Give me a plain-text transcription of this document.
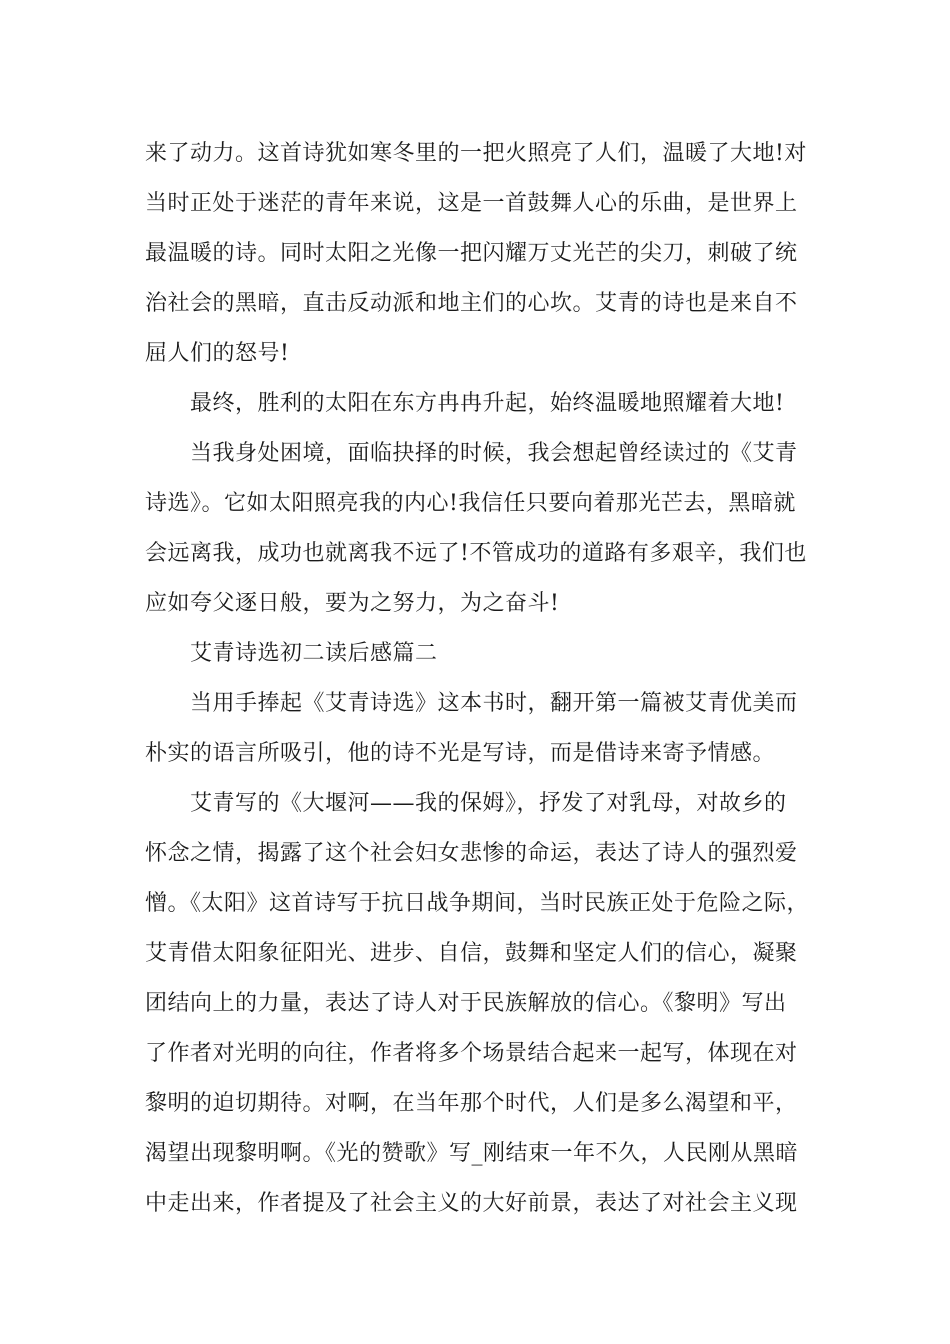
来了动力。这首诗犹如寒冬里的一把火照亮了人们，温暖了大地!对
当时正处于迷茫的青年来说，这是一首鼓舞人心的乐曲，是世界上
最温暖的诗。同时太阳之光像一把闪耀万丈光芒的尖刀，刺破了统
治社会的黑暗，直击反动派和地主们的心坎。艾青的诗也是来自不
屈人们的怒号!
最终，胜利的太阳在东方冉冉升起，始终温暖地照耀着大地!
当我身处困境，面临抉择的时候，我会想起曾经读过的《艾青
诗选》。它如太阳照亮我的内心!我信任只要向着那光芒去，黑暗就
会远离我，成功也就离我不远了!不管成功的道路有多艰辛，我们也
应如夸父逐日般，要为之努力，为之奋斗!
艾青诗选初二读后感篇二
当用手捧起《艾青诗选》这本书时，翻开第一篇被艾青优美而
朴实的语言所吸引，他的诗不光是写诗，而是借诗来寄予情感。
艾青写的《大堰河——我的保姆》，抒发了对乳母，对故乡的
怀念之情，揭露了这个社会妇女悲惨的命运，表达了诗人的强烈爱
憎。《太阳》这首诗写于抗日战争期间，当时民族正处于危险之际，
艾青借太阳象征阳光、进步、自信，鼓舞和坚定人们的信心，凝聚
团结向上的力量，表达了诗人对于民族解放的信心。《黎明》写出
了作者对光明的向往，作者将多个场景结合起来一起写，体现在对
黎明的迫切期待。对啊，在当年那个时代，人们是多么渴望和平，
渴望出现黎明啊。《光的赞歌》写_刚结束一年不久，人民刚从黑暗
中走出来，作者提及了社会主义的大好前景，表达了对社会主义现
